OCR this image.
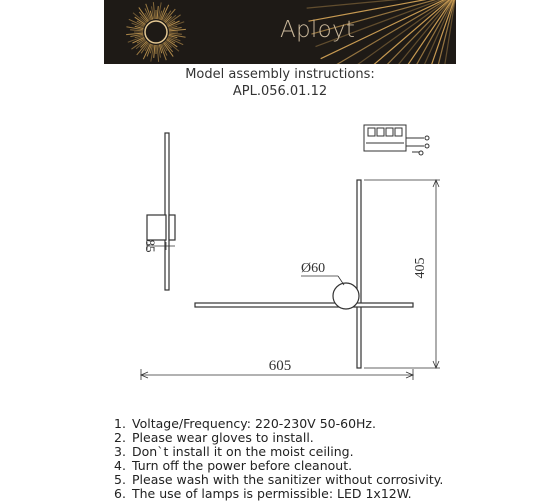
Aployt
Model assembly instructions:
APL.056.01.12
85
Ø60	405
605
1. Voltage/Frequency: 220-230V 50-60Hz.
2. Please wear gloves to install.
3. Don`t install it on the moist ceiling.
4. Turn off the power before cleanout.
5. Please wash with the sanitizer without corrosivity.
6. The use of lamps is permissible: LED 1x12W.
